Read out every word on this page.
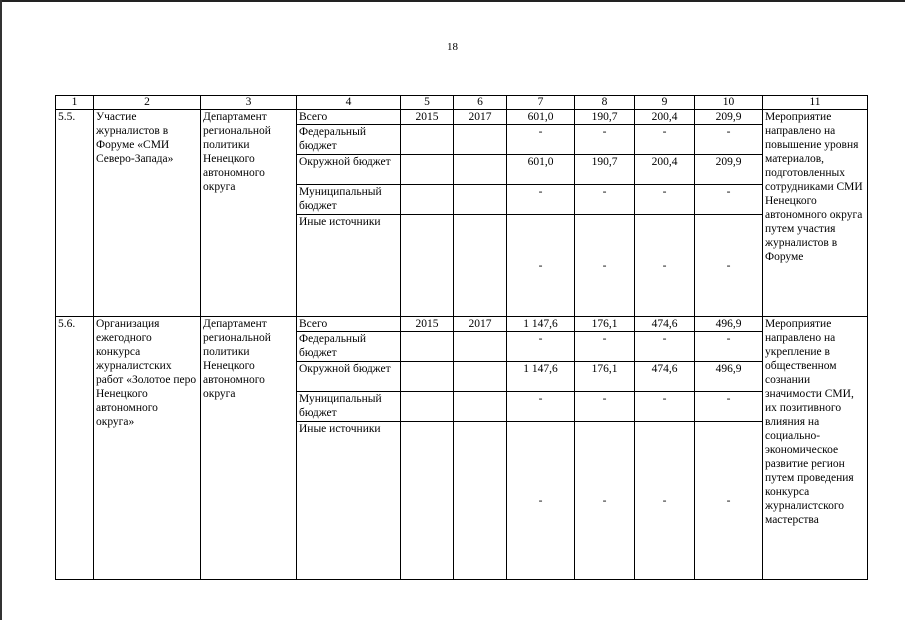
18
1	2	3	4	5	6	7	8	9	10	11
5.5.	Участие журналистов в Форуме «СМИ Северо-Запада»	Департамент региональной политики Ненецкого автономного округа	Всего	2015	2017	601,0	190,7	200,4	209,9	Мероприятие направлено на повышение уровня материалов, подготовленных сотрудниками СМИ Ненецкого автономного округа путем участия журналистов в Форуме
			Федеральный бюджет			-	-	-	-	
			Окружной бюджет			601,0	190,7	200,4	209,9	
			Муниципальный бюджет			-	-	-	-	
			Иные источники			-	-	-	-	
5.6.	Организация ежегодного конкурса журналистских работ «Золотое перо Ненецкого автономного округа»	Департамент региональной политики Ненецкого автономного округа	Всего	2015	2017	1 147,6	176,1	474,6	496,9	Мероприятие направлено на укрепление в общественном сознании значимости СМИ, их позитивного влияния на социально-экономическое развитие регион путем проведения конкурса журналистского мастерства
			Федеральный бюджет			-	-	-	-	
			Окружной бюджет			1 147,6	176,1	474,6	496,9	
			Муниципальный бюджет			-	-	-	-	
			Иные источники			-	-	-	-	
